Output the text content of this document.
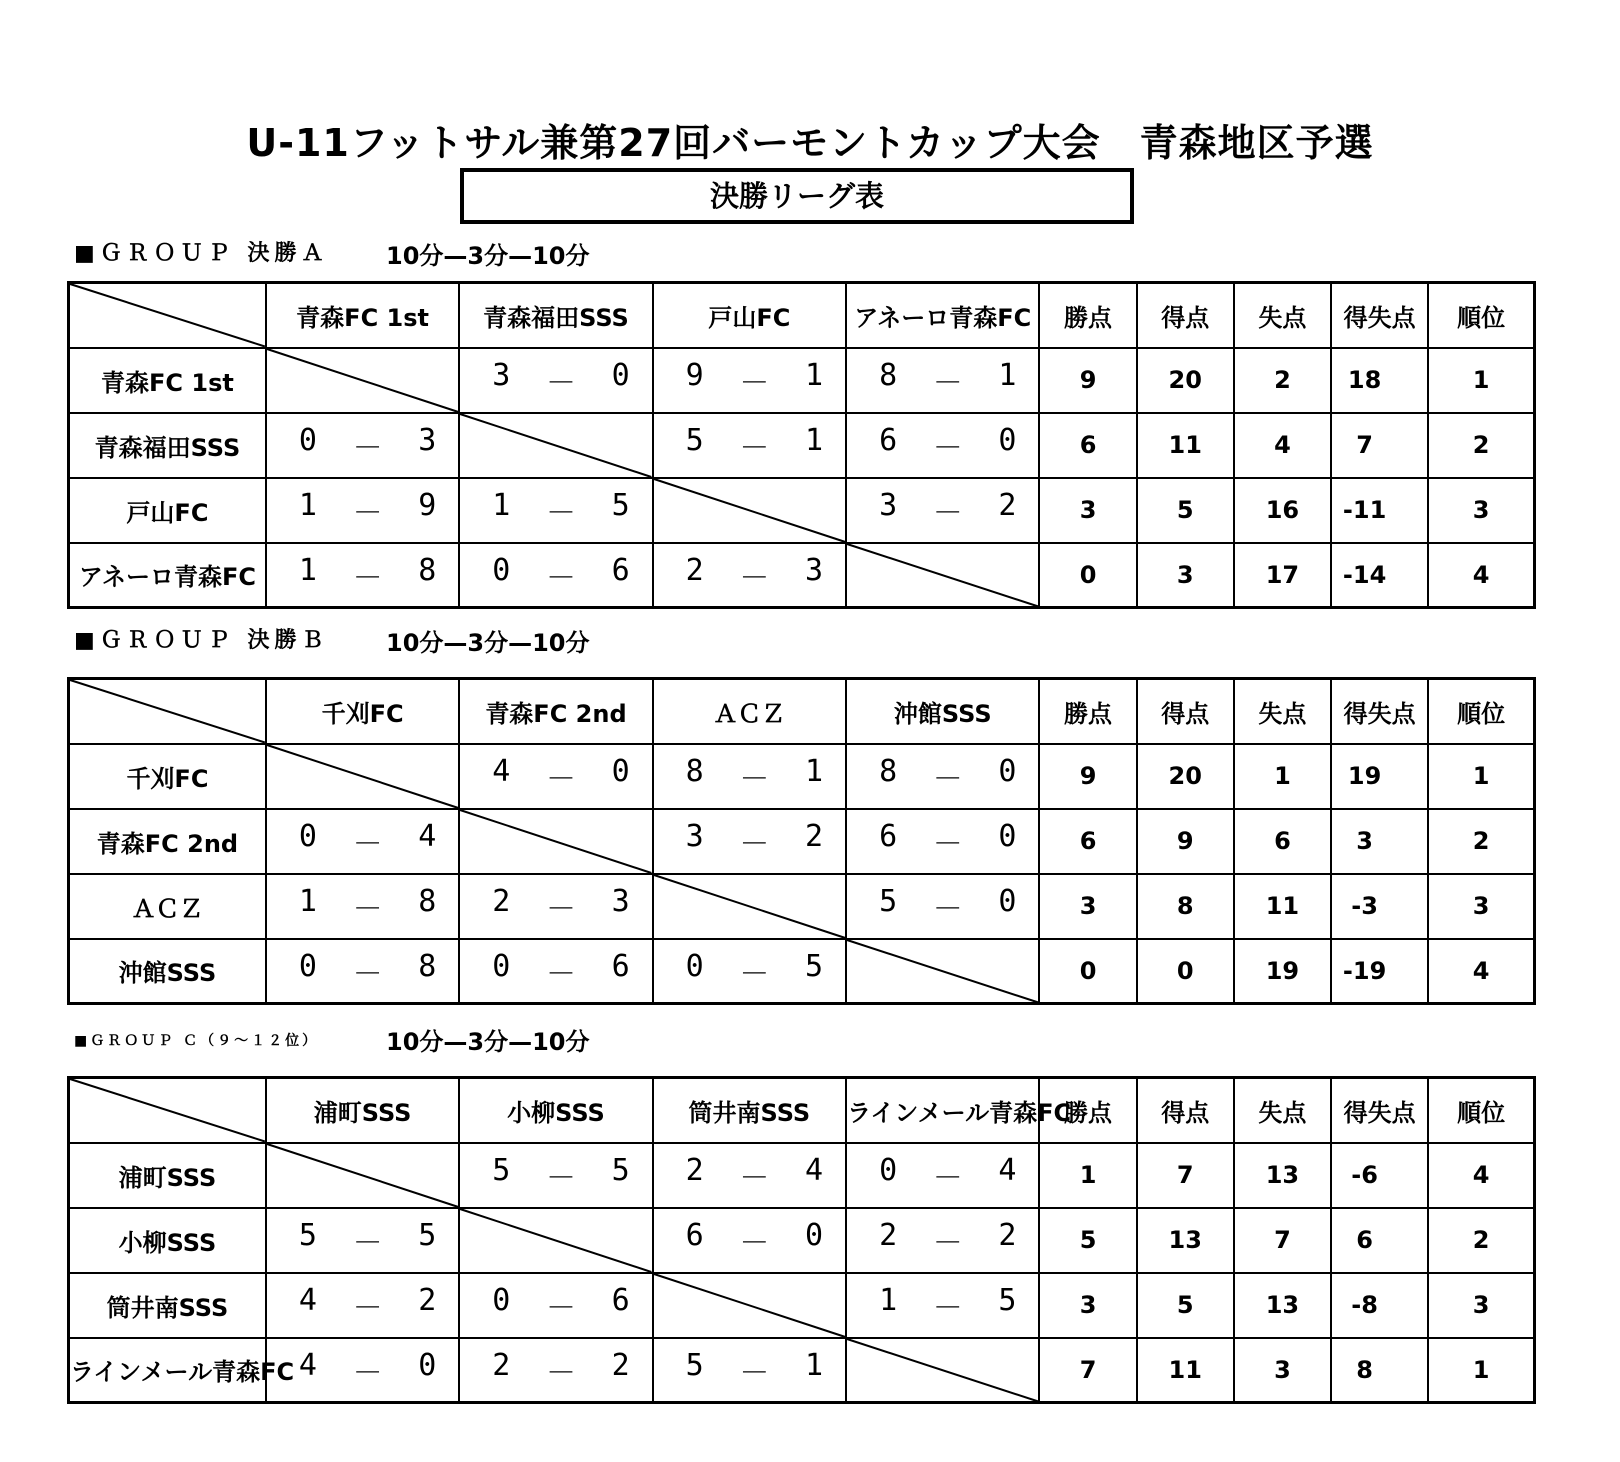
U-11フットサル兼第27回バーモントカップ大会　青森地区予選
決勝リーグ表
■ＧＲＯＵＰ 決勝Ａ 10分—3分—10分
	青森FC 1st	青森福田SSS	戸山FC	アネーロ青森FC	勝点	得点	失点	得失点	順位
青森FC 1st		3 － 0	9 － 1	8 － 1	9	20	2	18	1
青森福田SSS	0 － 3		5 － 1	6 － 0	6	11	4	7	2
戸山FC	1 － 9	1 － 5		3 － 2	3	5	16	-11	3
アネーロ青森FC	1 － 8	0 － 6	2 － 3		0	3	17	-14	4
■ＧＲＯＵＰ 決勝Ｂ 10分—3分—10分
	千刈FC	青森FC 2nd	ＡＣＺ	沖館SSS	勝点	得点	失点	得失点	順位
千刈FC		4 － 0	8 － 1	8 － 0	9	20	1	19	1
青森FC 2nd	0 － 4		3 － 2	6 － 0	6	9	6	3	2
ＡＣＺ	1 － 8	2 － 3		5 － 0	3	8	11	-3	3
沖館SSS	0 － 8	0 － 6	0 － 5		0	0	19	-19	4
■ＧＲＯＵＰ Ｃ（９～１２位）	10分—3分—10分
	浦町SSS	小柳SSS	筒井南SSS	ラインメール青森FC	勝点	得点	失点	得失点	順位
浦町SSS		5 － 5	2 － 4	0 － 4	1	7	13	-6	4
小柳SSS	5 － 5		6 － 0	2 － 2	5	13	7	6	2
筒井南SSS	4 － 2	0 － 6		1 － 5	3	5	13	-8	3
ラインメール青森FC	4 － 0	2 － 2	5 － 1		7	11	3	8	1
